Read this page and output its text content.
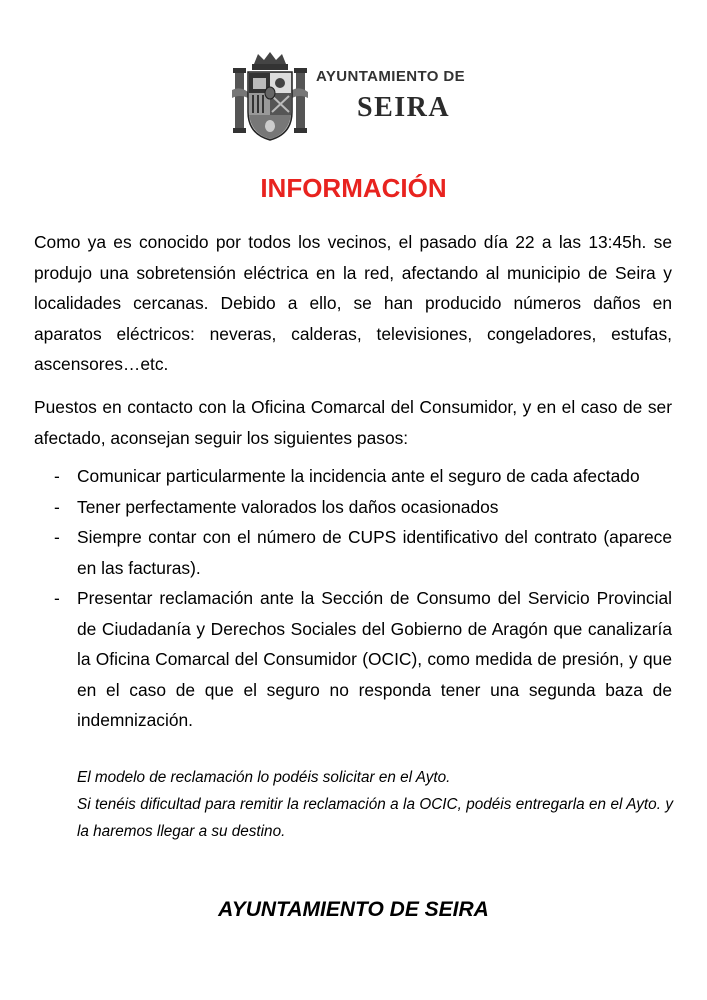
AYUNTAMIENTO DE
SEIRA
INFORMACIÓN
Como ya es conocido por todos los vecinos, el pasado día 22 a las 13:45h. se produjo una sobretensión eléctrica en la red, afectando al municipio de Seira y localidades cercanas. Debido a ello, se han producido números daños en aparatos eléctricos: neveras, calderas, televisiones, congeladores, estufas, ascensores…etc.
Puestos en contacto con la Oficina Comarcal del Consumidor, y en el caso de ser afectado, aconsejan seguir los siguientes pasos:
- Comunicar particularmente la incidencia ante el seguro de cada afectado
- Tener perfectamente valorados los daños ocasionados
- Siempre contar con el número de CUPS identificativo del contrato (aparece en las facturas).
- Presentar reclamación ante la Sección de Consumo del Servicio Provincial de Ciudadanía y Derechos Sociales del Gobierno de Aragón que canalizaría la Oficina Comarcal del Consumidor (OCIC), como medida de presión, y que en el caso de que el seguro no responda tener una segunda baza de indemnización.
El modelo de reclamación lo podéis solicitar en el Ayto.
Si tenéis dificultad para remitir la reclamación a la OCIC, podéis entregarla en el Ayto. y la haremos llegar a su destino.
AYUNTAMIENTO DE SEIRA
